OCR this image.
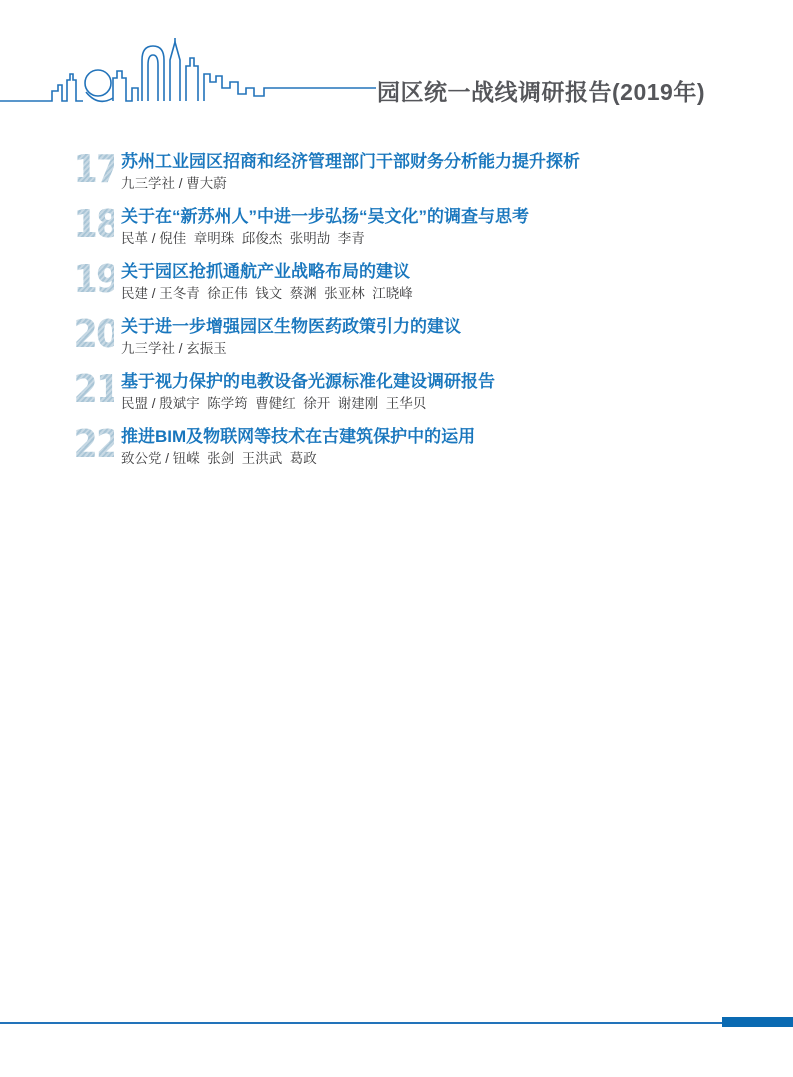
园区统一战线调研报告(2019年)
17 苏州工业园区招商和经济管理部门干部财务分析能力提升探析
九三学社 / 曹大蔚
18 关于在“新苏州人”中进一步弘扬“吴文化”的调查与思考
民革 / 倪佳  章明珠  邱俊杰  张明劼  李青
19 关于园区抢抓通航产业战略布局的建议
民建 / 王冬青  徐正伟  钱文  蔡渊  张亚林  江晓峰
20 关于进一步增强园区生物医药政策引力的建议
九三学社 / 玄振玉
21 基于视力保护的电教设备光源标准化建设调研报告
民盟 / 殷斌宇  陈学筠  曹健红  徐开  谢建刚  王华贝
22 推进BIM及物联网等技术在古建筑保护中的运用
致公党 / 钮嵘  张剑  王洪武  葛政
